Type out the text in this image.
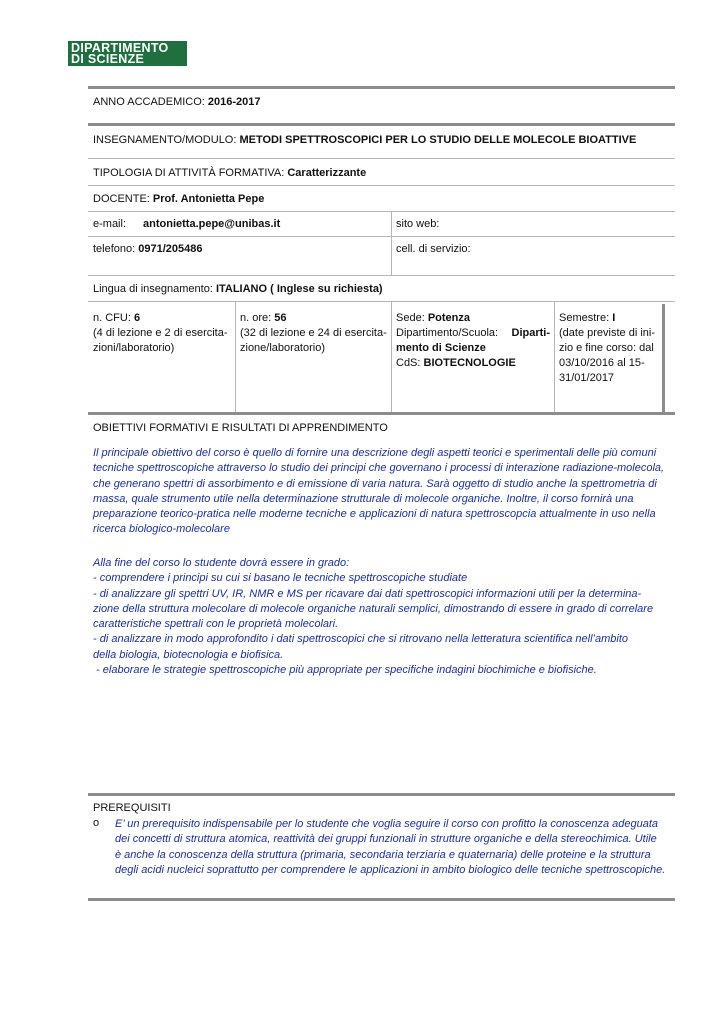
DIPARTIMENTO
DI SCIENZE
ANNO ACCADEMICO: 2016-2017
INSEGNAMENTO/MODULO: METODI SPETTROSCOPICI PER LO STUDIO DELLE MOLECOLE BIOATTIVE
TIPOLOGIA DI ATTIVITÀ FORMATIVA: Caratterizzante
DOCENTE: Prof. Antonietta Pepe
e-mail: antonietta.pepe@unibas.it	sito web:
telefono: 0971/205486	cell. di servizio:
Lingua di insegnamento: ITALIANO ( Inglese su richiesta)
n. CFU: 6
(4 di lezione e 2 di esercita-
zioni/laboratorio)
n. ore: 56
(32 di lezione e 24 di esercita-
zione/laboratorio)
Sede: Potenza
Dipartimento/Scuola: Diparti-
mento di Scienze
CdS: BIOTECNOLOGIE
Semestre: I
(date previste di ini-
zio e fine corso: dal
03/10/2016 al 15-
31/01/2017
OBIETTIVI FORMATIVI E RISULTATI DI APPRENDIMENTO
Il principale obiettivo del corso è quello di fornire una descrizione degli aspetti teorici e sperimentali delle più comuni
tecniche spettroscopiche attraverso lo studio dei principi che governano i processi di interazione radiazione-molecola,
che generano spettri di assorbimento e di emissione di varia natura. Sarà oggetto di studio anche la spettrometria di
massa, quale strumento utile nella determinazione strutturale di molecole organiche. Inoltre, il corso fornirà una
preparazione teorico-pratica nelle moderne tecniche e applicazioni di natura spettroscopcia attualmente in uso nella
ricerca biologico-molecolare
Alla fine del corso lo studente dovrà essere in grado:
- comprendere i principi su cui si basano le tecniche spettroscopiche studiate
- di analizzare gli spettri UV, IR, NMR e MS per ricavare dai dati spettroscopici informazioni utili per la determina-
zione della struttura molecolare di molecole organiche naturali semplici, dimostrando di essere in grado di correlare
caratteristiche spettrali con le proprietà molecolari.
- di analizzare in modo approfondito i dati spettroscopici che si ritrovano nella letteratura scientifica nell’ambito
della biologia, biotecnologia e biofisica.
- elaborare le strategie spettroscopiche più appropriate per specifiche indagini biochimiche e biofisiche.
PREREQUISITI
o E’ un prerequisito indispensabile per lo studente che voglia seguire il corso con profitto la conoscenza adeguata
dei concetti di struttura atomica, reattività dei gruppi funzionali in strutture organiche e della stereochimica. Utile
è anche la conoscenza della struttura (primaria, secondaria terziaria e quaternaria) delle proteine e la struttura
degli acidi nucleici soprattutto per comprendere le applicazioni in ambito biologico delle tecniche spettroscopiche.
